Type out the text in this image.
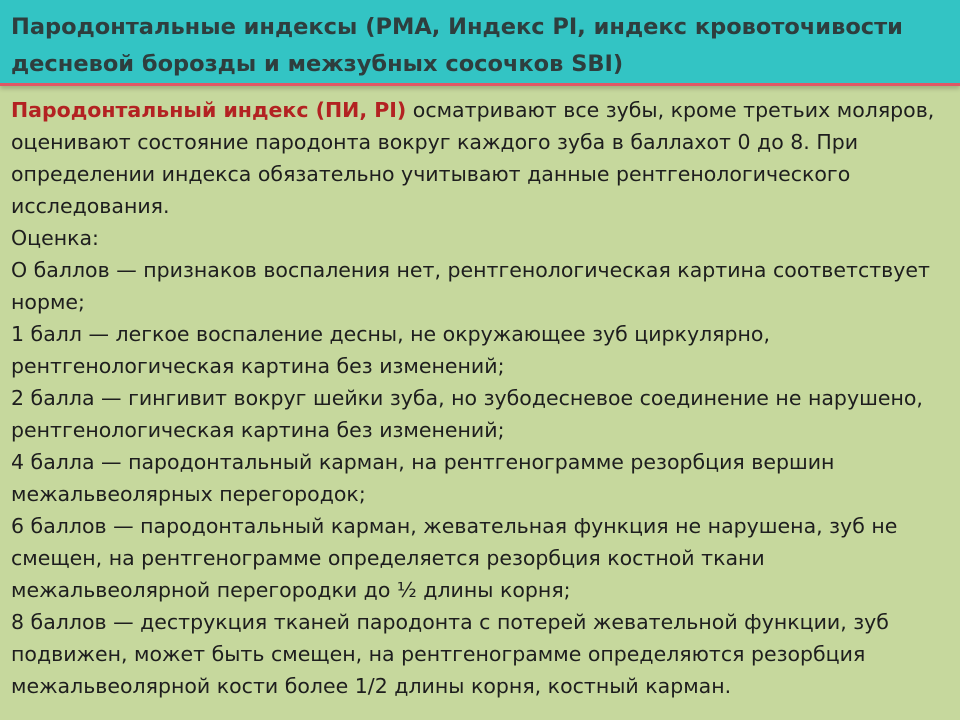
Пародонтальные индексы (РМА, Индекс PI, индекс кровоточивости десневой борозды и межзубных сосочков SBI)

Пародонтальный индекс (ПИ, PI) осматривают все зубы, кроме третьих моляров, оценивают состояние пародонта вокруг каждого зуба в баллахот 0 до 8. При определении индекса обязательно учитывают данные рентгенологического исследования.

Оценка:

О баллов — признаков воспаления нет, рентгенологическая картина соответствует норме;

1 балл — легкое воспаление десны, не окружающее зуб циркулярно, рентгенологическая картина без изменений;

2 балла — гингивит вокруг шейки зуба, но зубодесневое соединение не нарушено, рентгенологическая картина без изменений;

4 балла — пародонтальный карман, на рентгенограмме резорбция вершин межальвеолярных перегородок;

6 баллов — пародонтальный карман, жевательная функция не нарушена, зуб не смещен, на рентгенограмме определяется резорбция костной ткани межальвеолярной перегородки до ½ длины корня;

8 баллов — деструкция тканей пародонта с потерей жевательной функции, зуб подвижен, может быть смещен, на рентгенограмме определяются резорбция межальвеолярной кости более 1/2 длины корня, костный карман.
